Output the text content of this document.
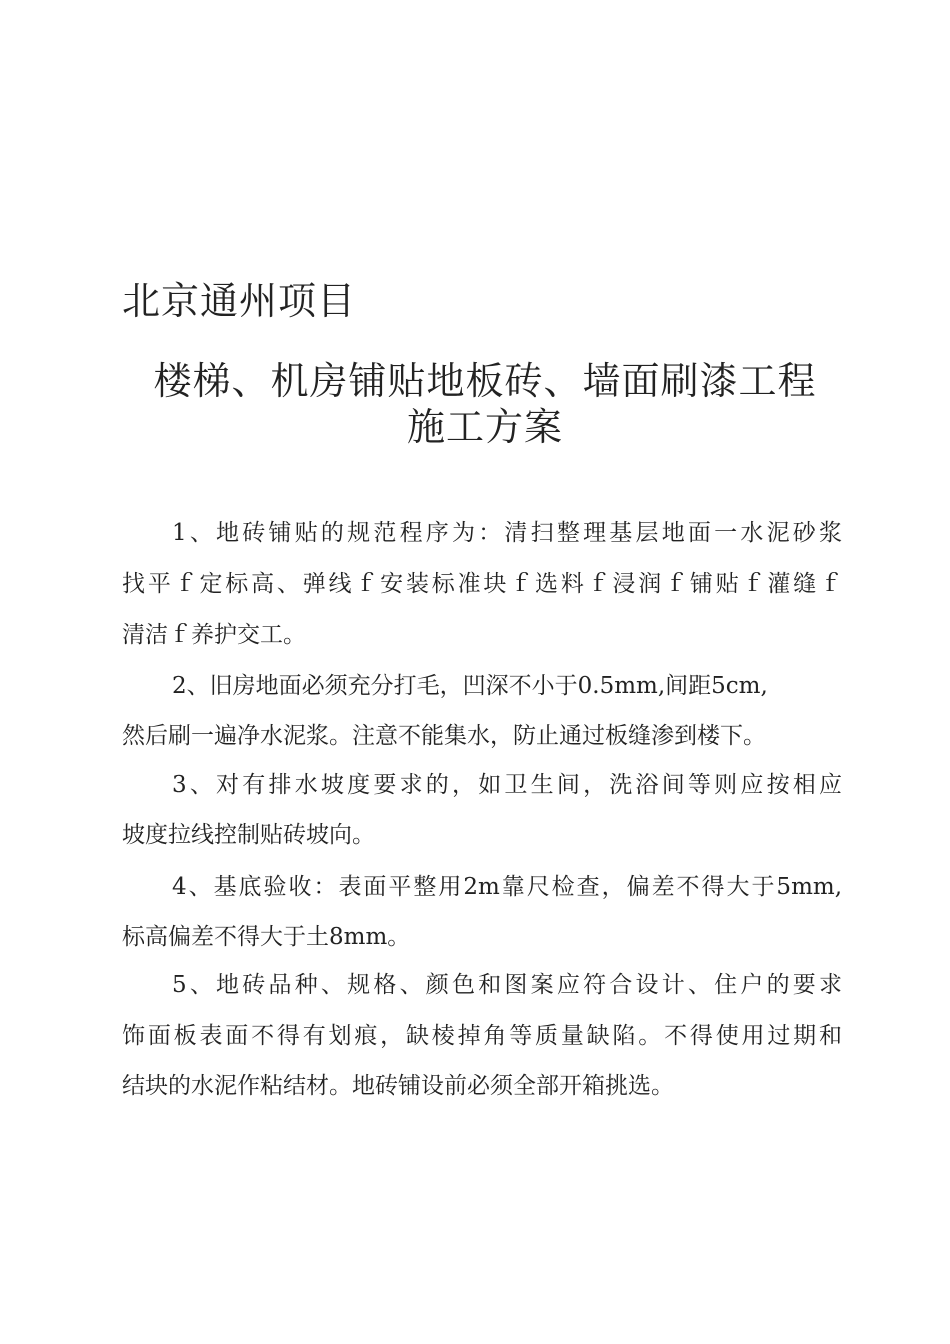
北京通州项目
楼梯、机房铺贴地板砖、墙面刷漆工程
施工方案
1、地砖铺贴的规范程序为：清扫整理基层地面一水泥砂浆
找平ｆ定标高、弹线ｆ安装标准块ｆ选料ｆ浸润ｆ铺贴ｆ灌缝ｆ
清洁ｆ养护交工。
2、旧房地面必须充分打毛，凹深不小于0.5mm,间距5cm,
然后刷一遍净水泥浆。注意不能集水，防止通过板缝渗到楼下。
3、对有排水坡度要求的，如卫生间，洗浴间等则应按相应
坡度拉线控制贴砖坡向。
4、基底验收：表面平整用2m靠尺检查，偏差不得大于5mm,
标高偏差不得大于土8mm。
5、地砖品种、规格、颜色和图案应符合设计、住户的要求
饰面板表面不得有划痕，缺棱掉角等质量缺陷。不得使用过期和
结块的水泥作粘结材。地砖铺设前必须全部开箱挑选。
